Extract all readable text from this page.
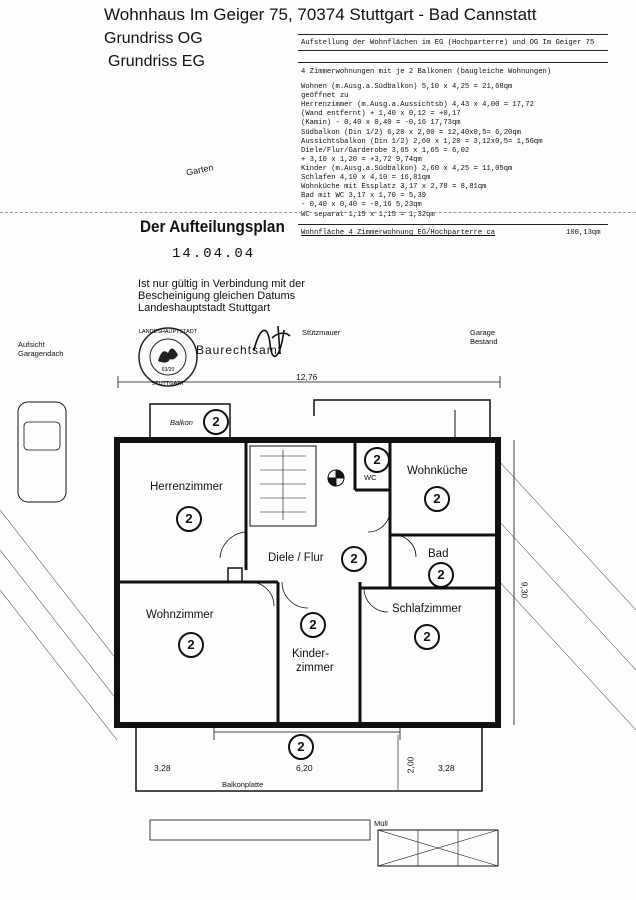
Wohnhaus Im Geiger 75, 70374 Stuttgart - Bad Cannstatt
Grundriss OG
Grundriss EG
Aufstellung der Wohnflächen im EG (Hochparterre) und OG Im Geiger 75
4 Zimmerwohnungen mit je 2 Balkonen (baugleiche Wohnungen)
Wohnen (m.Ausg.a.Südbalkon) 5,10 x 4,25 = 21,68qm
geöffnet zu
Herrenzimmer (m.Ausg.a.Aussichtsb) 4,43 x 4,00 = 17,72
(Wand entfernt) + 1,40 x 0,12 = +0,17
(Kamin) - 0,40 x 0,40 = -0,16 17,73qm
Südbalkon (Din 1/2) 6,20 x 2,00 = 12,40x0,5= 6,20qm
Aussichtsbalkon (Din 1/2) 2,60 x 1,20 = 3,12x0,5= 1,56qm
Diele/Flur/Garderobe 3,65 x 1,65 = 6,02
+ 3,10 x 1,20 = +3,72 9,74qm
Kinder (m.Ausg.a.Südbalkon) 2,60 x 4,25 = 11,05qm
Schlafen 4,10 x 4,10 = 16,81qm
Wohnküche mit Essplatz 3,17 x 2,78 = 8,81qm
Bad mit WC 3,17 x 1,70 = 5,39
- 0,40 x 0,40 = -0,16 5,23qm
WC separat 1,15 x 1,15 = 1,32qm
Wohnfläche 4 Zimmerwohnung EG/Hochparterre ca	100,13qm
Garten
Der Aufteilungsplan
14.04.04
Ist nur gültig in Verbindung mit der
Bescheinigung gleichen Datums
Landeshauptstadt Stuttgart
Baurechtsamt
LANDESHAUPTSTADT
63/20
STUTTGART
Aufsicht
Garagendach
Garage
Bestand
Stützmauer
Herrenzimmer
Wohnküche
Diele / Flur	Bad
Wohnzimmer
Kinder-
zimmer
Schlafzimmer
WC
Balkon	2
2
2
2
2
2
2
2
2
2
12,76
3,28	6,20	3,28
9,30
2,00
Balkonplatte
Müll
